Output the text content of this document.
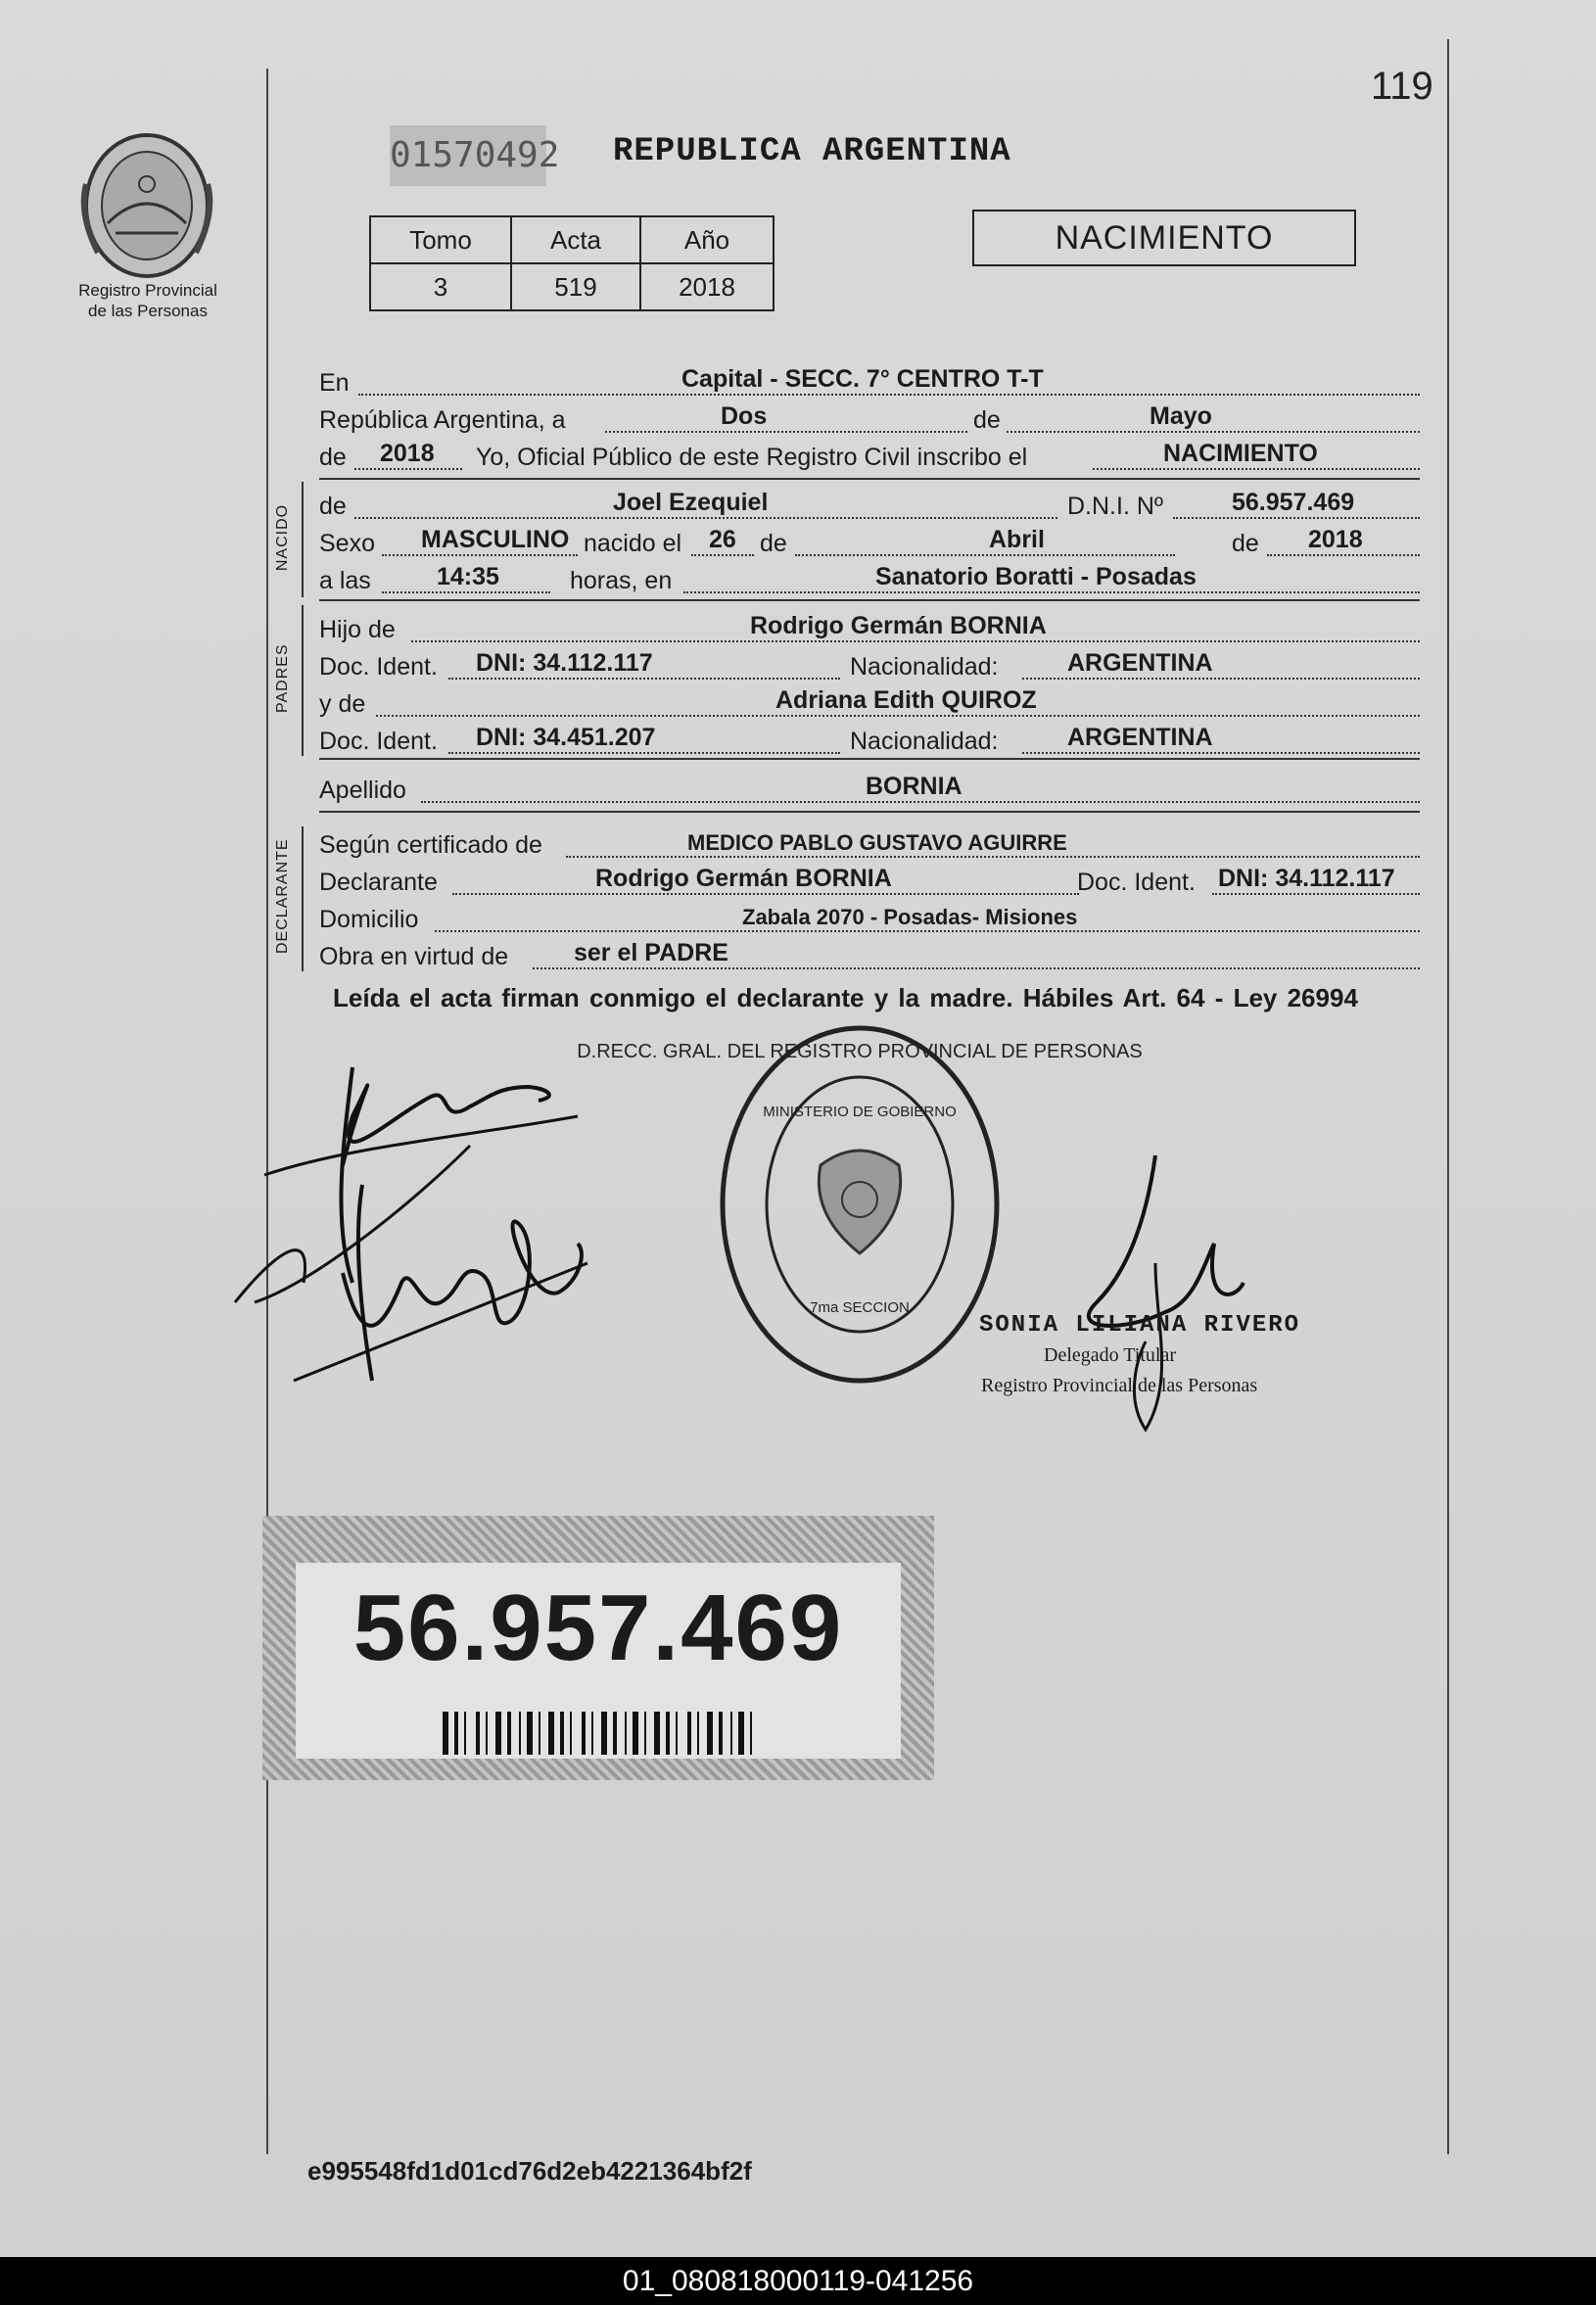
119
Registro Provincial
de las Personas
01570492 REPUBLICA ARGENTINA
Tomo	Acta	Año
3	519	2018
NACIMIENTO
En	Capital - SECC. 7° CENTRO T-T
República Argentina, a	Dos	de	Mayo
de 2018 Yo, Oficial Público de este Registro Civil inscribo el	NACIMIENTO
NACIDO de	Joel Ezequiel	D.N.I. Nº	56.957.469
Sexo MASCULINO nacido el 26 de	Abril	de 2018
a las	14:35	horas, en	Sanatorio Boratti - Posadas
PADRES
Hijo de	Rodrigo Germán BORNIA
Doc. Ident. DNI: 34.112.117	Nacionalidad:	ARGENTINA
y de	Adriana Edith QUIROZ
Doc. Ident. DNI: 34.451.207	Nacionalidad:	ARGENTINA
Apellido	BORNIA
DECLARANTE Según certificado de	MEDICO PABLO GUSTAVO AGUIRRE
Declarante	Rodrigo Germán BORNIA	Doc. Ident. DNI: 34.112.117
Domicilio	Zabala 2070 - Posadas- Misiones
Obra en virtud de	ser el PADRE
Leída el acta firman conmigo el declarante y la madre. Hábiles Art. 64 - Ley 26994
D.RECC. GRAL. DEL REGISTRO PROVINCIAL DE PERSONAS
MINISTERIO DE GOBIERNO
7ma SECCION
SONIA LILIANA RIVERO
Delegado Titular
Registro Provincial de las Personas
56.957.469
e995548fd1d01cd76d2eb4221364bf2f
01_080818000119-041256
